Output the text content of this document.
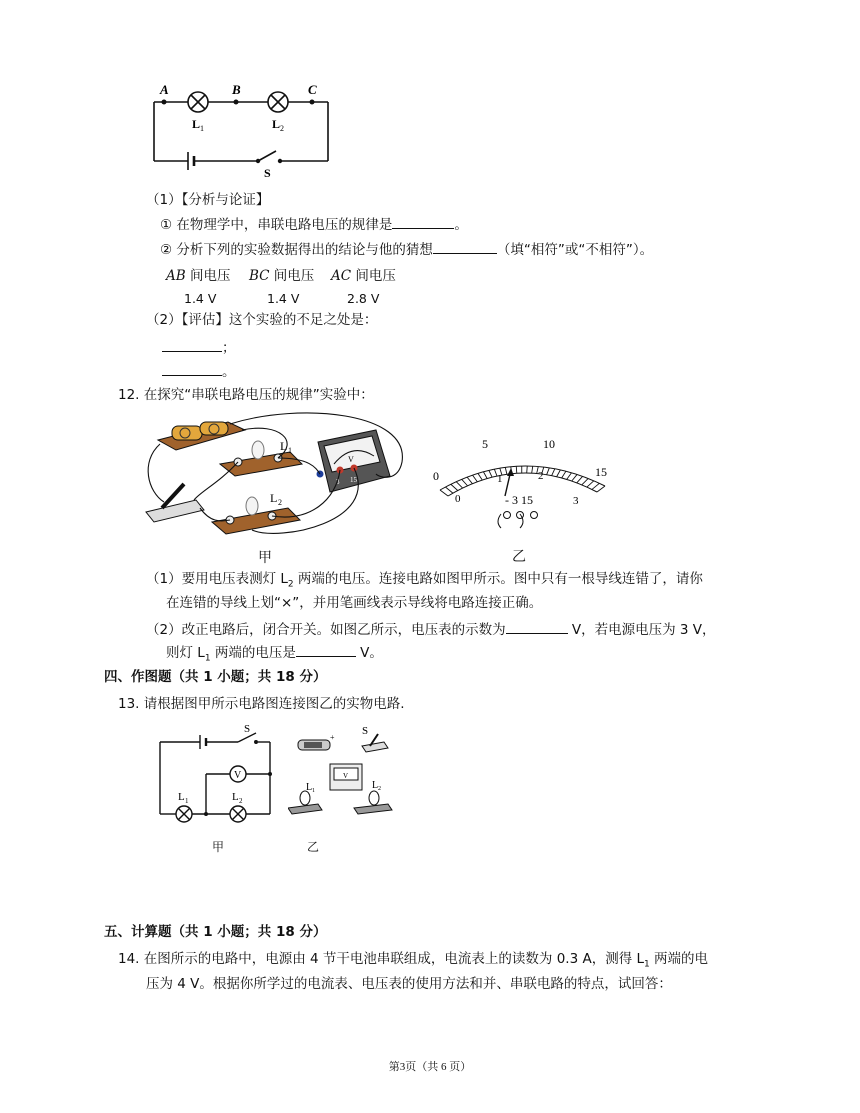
A	B	C
L 1	L 2
S
（1）【分析与论证】
① 在物理学中，串联电路电压的规律是	。
② 分析下列的实验数据得出的结论与他的猜想	（填“相符”或“不相符”）。
AB 间电压 BC 间电压 AC 间电压
1.4 V	1.4 V	2.8 V
（2）【评估】这个实验的不足之处是：
；
。
12. 在探究“串联电路电压的规律”实验中：
L 1
L 2
V
3 15
甲
0
5	10
15
0
1	2
3
- 3 15
乙
（1）要用电压表测灯 $L_2$ 两端的电压。连接电路如图甲所示。图中只有一根导线连错了，请你
在连错的导线上划“×”，并用笔画线表示导线将电路连接正确。
（2）改正电路后，闭合开关。如图乙所示，电压表的示数为	V，若电源电压为 3 V，
则灯 $L_1$ 两端的电压是	V。
四、作图题（共 1 小题；共 18 分）
13. 请根据图甲所示电路图连接图乙的实物电路.
V
S
L 1	L 2
甲
+
S
V
L 1	L 2
乙
五、计算题（共 1 小题；共 18 分）
14. 在图所示的电路中，电源由 4 节干电池串联组成，电流表上的读数为 0.3 A，测得 $L_1$ 两端的电
压为 4 V。根据你所学过的电流表、电压表的使用方法和并、串联电路的特点，试回答：
第3页（共 6 页）
